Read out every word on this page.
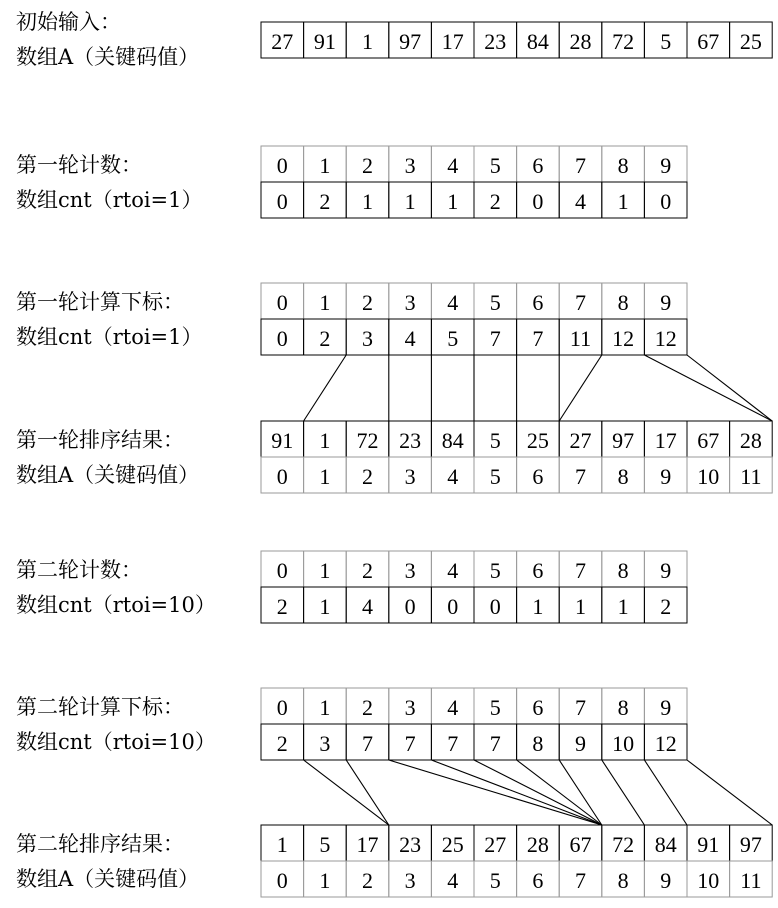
27 91 1 97 17 23 84 28 72 5 67 25
0 1 2 3 4 5 6 7 8 9
0 2 1 1 1 2 0 4 1 0
0 1 2 3 4 5 6 7 8 9
0 2 3 4 5 7 7 11 12 12
91 1 72 23 84 5 25 27 97 17 67 28
0 1 2 3 4 5 6 7 8 9 10 11
0 1 2 3 4 5 6 7 8 9
2 1 4 0 0 0 1 1 1 2
0 1 2 3 4 5 6 7 8 9
2 3 7 7 7 7 8 9 10 12
1 5 17 23 25 27 28 67 72 84 91 97
0 1 2 3 4 5 6 7 8 9 10 11
初始输入：
数组A（关键码值）
第一轮计数：
数组cnt（rtoi=1）
第一轮计算下标：
数组cnt（rtoi=1）
第一轮排序结果：
数组A（关键码值）
第二轮计数：
数组cnt（rtoi=10）
第二轮计算下标：
数组cnt（rtoi=10）
第二轮排序结果：
数组A（关键码值）
